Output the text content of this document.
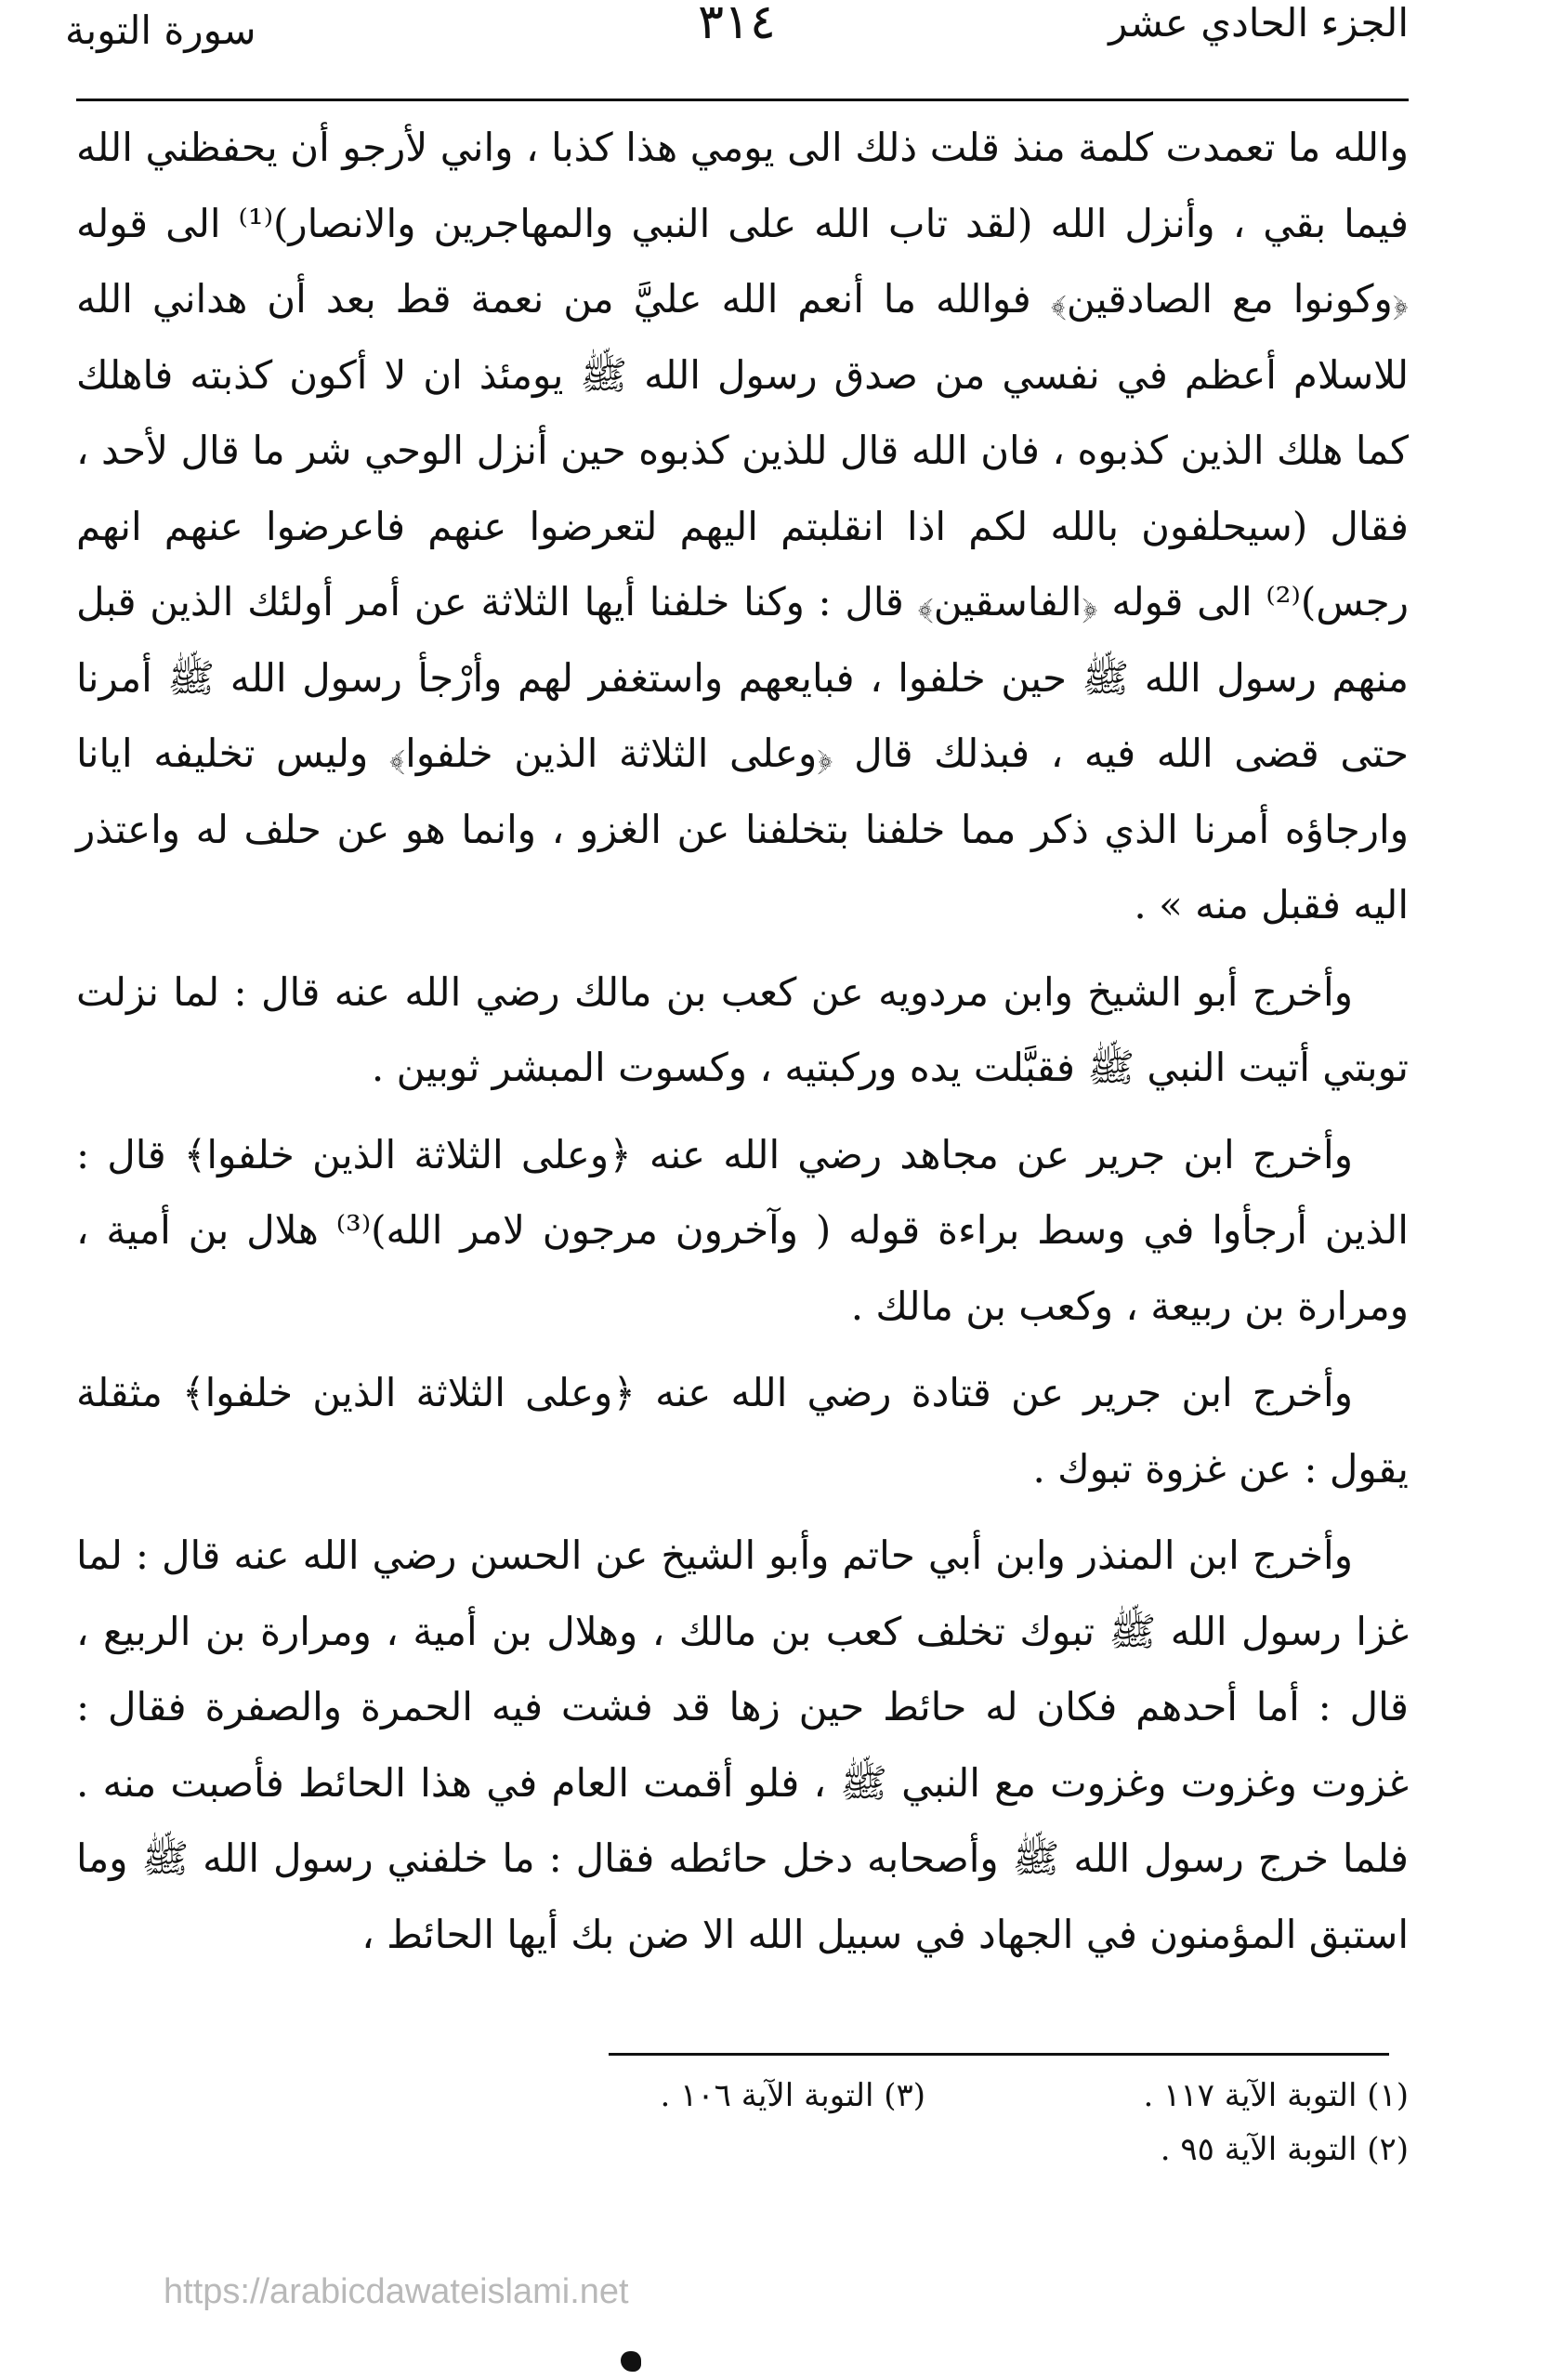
الجزء الحادي عشر
٣١٤
سورة التوبة

والله ما تعمدت كلمة منذ قلت ذلك الى يومي هذا كذبا ، واني لأرجو أن يحفظني الله فيما بقي ، وأنزل الله (لقد تاب الله على النبي والمهاجرين والانصار)⁽¹⁾ الى قوله ﴿وكونوا مع الصادقين﴾ فوالله ما أنعم الله عليَّ من نعمة قط بعد أن هداني الله للاسلام أعظم في نفسي من صدق رسول الله ﷺ يومئذ ان لا أكون كذبته فاهلك كما هلك الذين كذبوه ، فان الله قال للذين كذبوه حين أنزل الوحي شر ما قال لأحد ، فقال (سيحلفون بالله لكم اذا انقلبتم اليهم لتعرضوا عنهم فاعرضوا عنهم انهم رجس)⁽²⁾ الى قوله ﴿الفاسقين﴾ قال : وكنا خلفنا أيها الثلاثة عن أمر أولئك الذين قبل منهم رسول الله ﷺ حين خلفوا ، فبايعهم واستغفر لهم وأرْجأ رسول الله ﷺ أمرنا حتى قضى الله فيه ، فبذلك قال ﴿وعلى الثلاثة الذين خلفوا﴾ وليس تخليفه ايانا وارجاؤه أمرنا الذي ذكر مما خلفنا بتخلفنا عن الغزو ، وانما هو عن حلف له واعتذر اليه فقبل منه » .

وأخرج أبو الشيخ وابن مردويه عن كعب بن مالك رضي الله عنه قال : لما نزلت توبتي أتيت النبي ﷺ فقبَّلت يده وركبتيه ، وكسوت المبشر ثوبين .

وأخرج ابن جرير عن مجاهد رضي الله عنه ﴿وعلى الثلاثة الذين خلفوا﴾ قال : الذين أرجأوا في وسط براءة قوله ( وآخرون مرجون لامر الله)⁽³⁾ هلال بن أمية ، ومرارة بن ربيعة ، وكعب بن مالك .

وأخرج ابن جرير عن قتادة رضي الله عنه ﴿وعلى الثلاثة الذين خلفوا﴾ مثقلة يقول : عن غزوة تبوك .

وأخرج ابن المنذر وابن أبي حاتم وأبو الشيخ عن الحسن رضي الله عنه قال : لما غزا رسول الله ﷺ تبوك تخلف كعب بن مالك ، وهلال بن أمية ، ومرارة بن الربيع ، قال : أما أحدهم فكان له حائط حين زها قد فشت فيه الحمرة والصفرة فقال : غزوت وغزوت وغزوت مع النبي ﷺ ، فلو أقمت العام في هذا الحائط فأصبت منه . فلما خرج رسول الله ﷺ وأصحابه دخل حائطه فقال : ما خلفني رسول الله ﷺ وما استبق المؤمنون في الجهاد في سبيل الله الا ضن بك أيها الحائط ،

(١) التوبة الآية ١١٧ .
(٣) التوبة الآية ١٠٦ .
(٢) التوبة الآية ٩٥ .
https://arabicdawateislami.net
